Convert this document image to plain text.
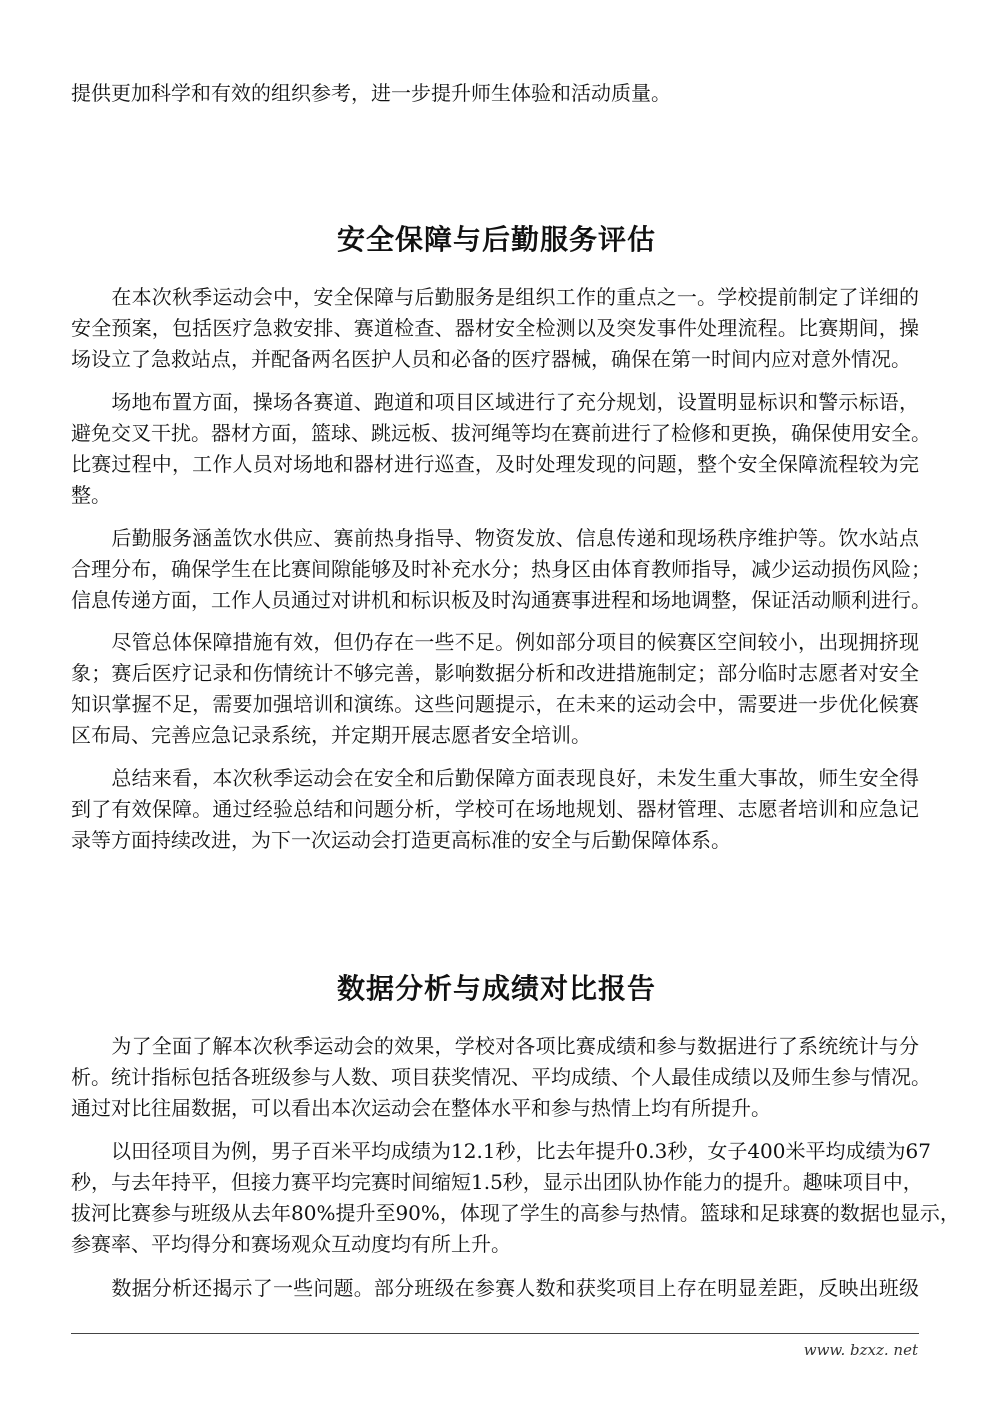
提供更加科学和有效的组织参考，进一步提升师生体验和活动质量。
安全保障与后勤服务评估
　　在本次秋季运动会中，安全保障与后勤服务是组织工作的重点之一。学校提前制定了详细的
安全预案，包括医疗急救安排、赛道检查、器材安全检测以及突发事件处理流程。比赛期间，操
场设立了急救站点，并配备两名医护人员和必备的医疗器械，确保在第一时间内应对意外情况。
　　场地布置方面，操场各赛道、跑道和项目区域进行了充分规划，设置明显标识和警示标语，
避免交叉干扰。器材方面，篮球、跳远板、拔河绳等均在赛前进行了检修和更换，确保使用安全。
比赛过程中，工作人员对场地和器材进行巡查，及时处理发现的问题，整个安全保障流程较为完
整。
　　后勤服务涵盖饮水供应、赛前热身指导、物资发放、信息传递和现场秩序维护等。饮水站点
合理分布，确保学生在比赛间隙能够及时补充水分；热身区由体育教师指导，减少运动损伤风险；
信息传递方面，工作人员通过对讲机和标识板及时沟通赛事进程和场地调整，保证活动顺利进行。
　　尽管总体保障措施有效，但仍存在一些不足。例如部分项目的候赛区空间较小，出现拥挤现
象；赛后医疗记录和伤情统计不够完善，影响数据分析和改进措施制定；部分临时志愿者对安全
知识掌握不足，需要加强培训和演练。这些问题提示，在未来的运动会中，需要进一步优化候赛
区布局、完善应急记录系统，并定期开展志愿者安全培训。
　　总结来看，本次秋季运动会在安全和后勤保障方面表现良好，未发生重大事故，师生安全得
到了有效保障。通过经验总结和问题分析，学校可在场地规划、器材管理、志愿者培训和应急记
录等方面持续改进，为下一次运动会打造更高标准的安全与后勤保障体系。
数据分析与成绩对比报告
　　为了全面了解本次秋季运动会的效果，学校对各项比赛成绩和参与数据进行了系统统计与分
析。统计指标包括各班级参与人数、项目获奖情况、平均成绩、个人最佳成绩以及师生参与情况。
通过对比往届数据，可以看出本次运动会在整体水平和参与热情上均有所提升。
　　以田径项目为例，男子百米平均成绩为12.1秒，比去年提升0.3秒，女子400米平均成绩为67
秒，与去年持平，但接力赛平均完赛时间缩短1.5秒，显示出团队协作能力的提升。趣味项目中，
拔河比赛参与班级从去年80%提升至90%，体现了学生的高参与热情。篮球和足球赛的数据也显示，
参赛率、平均得分和赛场观众互动度均有所上升。
　　数据分析还揭示了一些问题。部分班级在参赛人数和获奖项目上存在明显差距，反映出班级
www. bzxz. net
